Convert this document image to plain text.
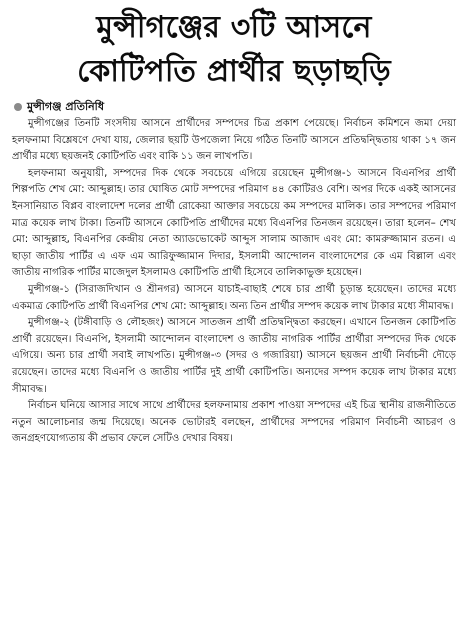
মুন্সীগঞ্জের ৩টি আসনে
কোটিপতি প্রার্থীর ছড়াছড়ি
মুন্সীগঞ্জ প্রতিনিধি

মুন্সীগঞ্জের তিনটি সংসদীয় আসনে প্রার্থীদের সম্পদের চিত্র প্রকাশ পেয়েছে। নির্বাচন কমিশনে জমা দেয়া হলফনামা বিশ্লেষণে দেখা যায়, জেলার ছয়টি উপজেলা নিয়ে গঠিত তিনটি আসনে প্রতিদ্বন্দ্বিতায় থাকা ১৭ জন প্রার্থীর মধ্যে ছয়জনই কোটিপতি এবং বাকি ১১ জন লাখপতি।

হলফনামা অনুযায়ী, সম্পদের দিক থেকে সবচেয়ে এগিয়ে রয়েছেন মুন্সীগঞ্জ-১ আসনে বিএনপির প্রার্থী শিল্পপতি শেখ মো: আব্দুল্লাহ। তার ঘোষিত মোট সম্পদের পরিমাণ ৪৪ কোটিরও বেশি। অপর দিকে একই আসনের ইনসানিয়াত বিপ্লব বাংলাদেশ দলের প্রার্থী রোকেয়া আক্তার সবচেয়ে কম সম্পদের মালিক। তার সম্পদের পরিমাণ মাত্র কয়েক লাখ টাকা। তিনটি আসনে কোটিপতি প্রার্থীদের মধ্যে বিএনপির তিনজন রয়েছেন। তারা হলেন– শেখ মো: আব্দুল্লাহ, বিএনপির কেন্দ্রীয় নেতা অ্যাডভোকেট আব্দুস সালাম আজাদ এবং মো: কামরুজ্জামান রতন। এ ছাড়া জাতীয় পার্টির এ এফ এম আরিফুজ্জামান দিদার, ইসলামী আন্দোলন বাংলাদেশের কে এম বিল্লাল এবং জাতীয় নাগরিক পার্টির মাজেদুল ইসলামও কোটিপতি প্রার্থী হিসেবে তালিকাভুক্ত হয়েছেন।

মুন্সীগঞ্জ-১ (সিরাজদিখান ও শ্রীনগর) আসনে যাচাই-বাছাই শেষে চার প্রার্থী চূড়ান্ত হয়েছেন। তাদের মধ্যে একমাত্র কোটিপতি প্রার্থী বিএনপির শেখ মো: আব্দুল্লাহ। অন্য তিন প্রার্থীর সম্পদ কয়েক লাখ টাকার মধ্যে সীমাবদ্ধ।

মুন্সীগঞ্জ-২ (টঙ্গীবাড়ি ও লৌহজং) আসনে সাতজন প্রার্থী প্রতিদ্বন্দ্বিতা করছেন। এখানে তিনজন কোটিপতি প্রার্থী রয়েছেন। বিএনপি, ইসলামী আন্দোলন বাংলাদেশ ও জাতীয় নাগরিক পার্টির প্রার্থীরা সম্পদের দিক থেকে এগিয়ে। অন্য চার প্রার্থী সবাই লাখপতি। মুন্সীগঞ্জ-৩ (সদর ও গজারিয়া) আসনে ছয়জন প্রার্থী নির্বাচনী দৌড়ে রয়েছেন। তাদের মধ্যে বিএনপি ও জাতীয় পার্টির দুই প্রার্থী কোটিপতি। অন্যদের সম্পদ কয়েক লাখ টাকার মধ্যে সীমাবদ্ধ।

নির্বাচন ঘনিয়ে আসার সাথে সাথে প্রার্থীদের হলফনামায় প্রকাশ পাওয়া সম্পদের এই চিত্র স্থানীয় রাজনীতিতে নতুন আলোচনার জন্ম দিয়েছে। অনেক ভোটারই বলছেন, প্রার্থীদের সম্পদের পরিমাণ নির্বাচনী আচরণ ও জনগ্রহণযোগ্যতায় কী প্রভাব ফেলে সেটিও দেখার বিষয়।
